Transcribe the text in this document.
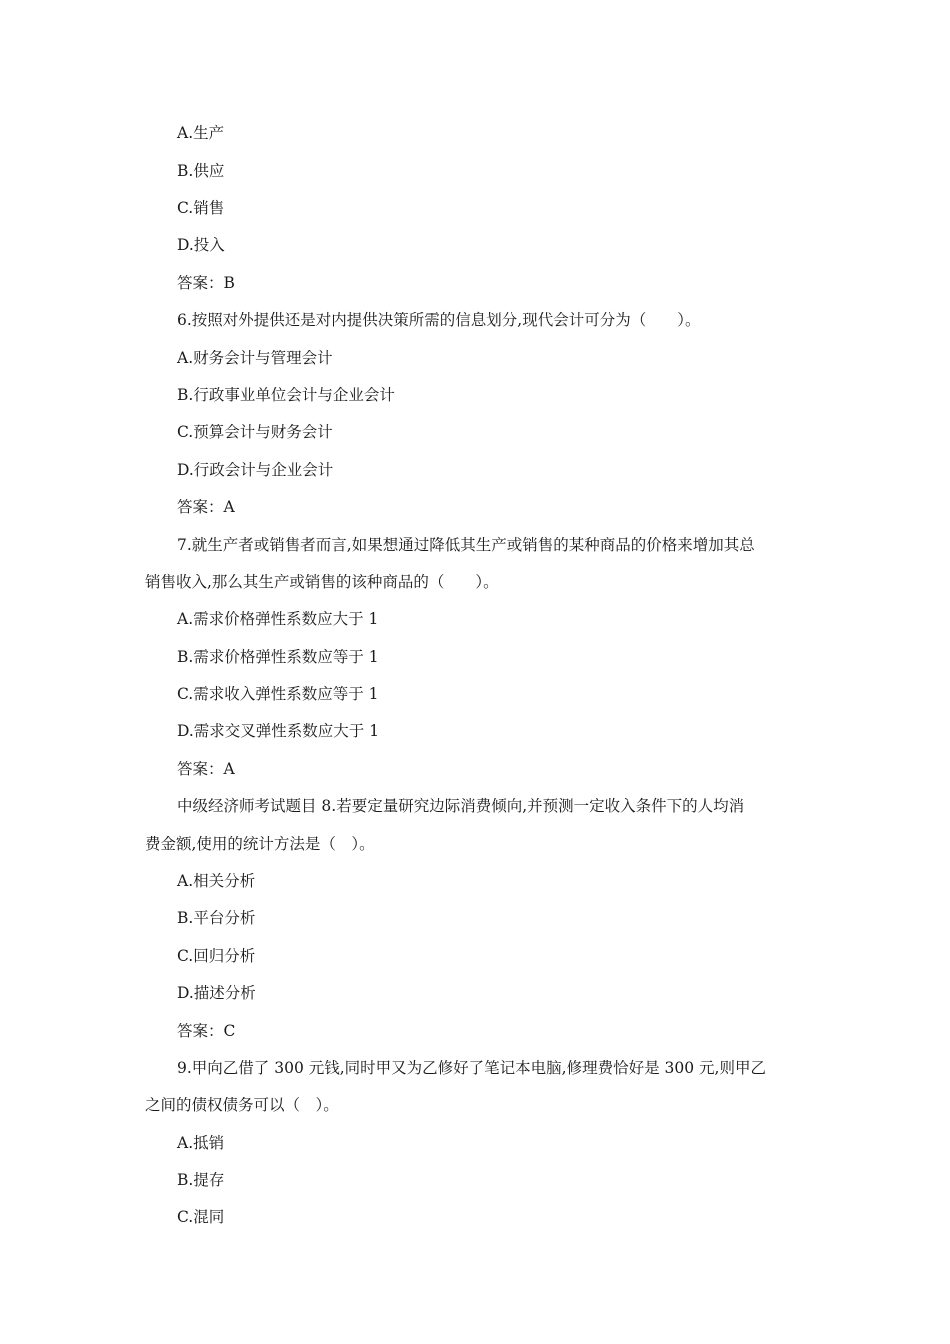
A.生产
B.供应
C.销售
D.投入
答案：B
6.按照对外提供还是对内提供决策所需的信息划分,现代会计可分为（　　）。
A.财务会计与管理会计
B.行政事业单位会计与企业会计
C.预算会计与财务会计
D.行政会计与企业会计
答案：A
7.就生产者或销售者而言,如果想通过降低其生产或销售的某种商品的价格来增加其总
销售收入,那么其生产或销售的该种商品的（　　）。
A.需求价格弹性系数应大于 1
B.需求价格弹性系数应等于 1
C.需求收入弹性系数应等于 1
D.需求交叉弹性系数应大于 1
答案：A
中级经济师考试题目 8.若要定量研究边际消费倾向,并预测一定收入条件下的人均消
费金额,使用的统计方法是（　）。
A.相关分析
B.平台分析
C.回归分析
D.描述分析
答案：C
9.甲向乙借了 300 元钱,同时甲又为乙修好了笔记本电脑,修理费恰好是 300 元,则甲乙
之间的债权债务可以（　）。
A.抵销
B.提存
C.混同
